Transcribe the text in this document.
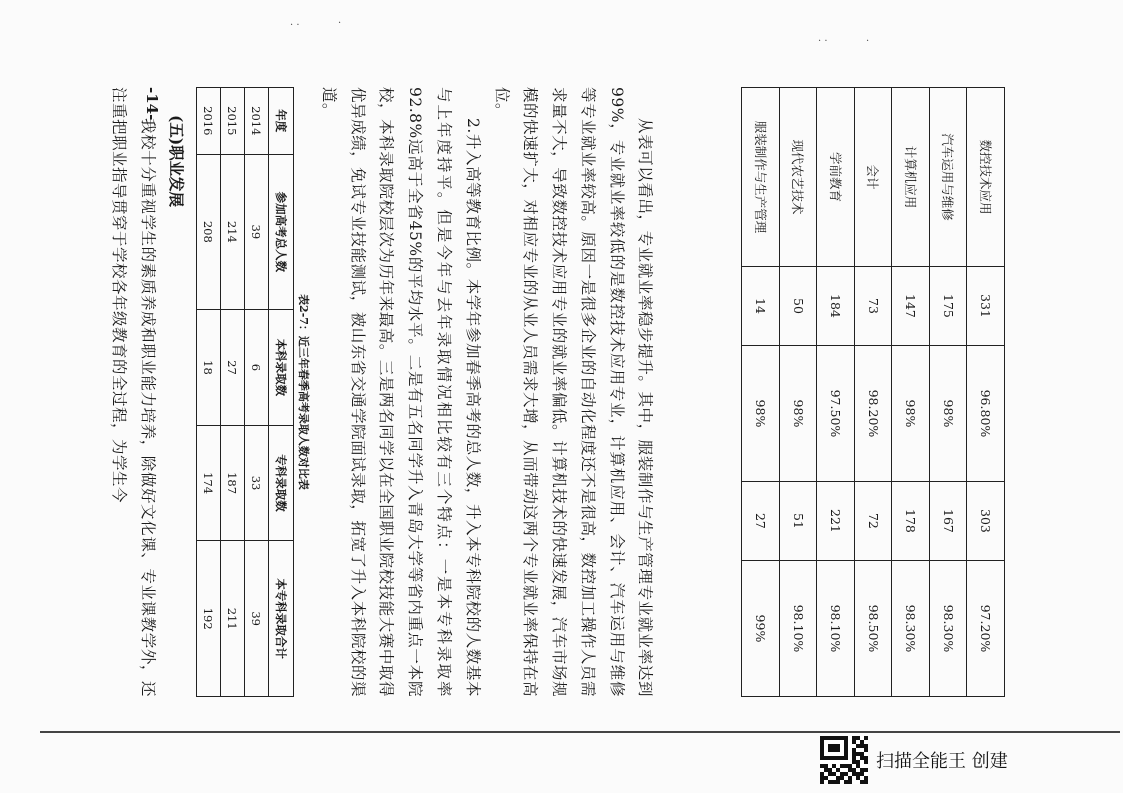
数控技术应用	331	96.80%	303	97.20%
汽车运用与维修	175	98%	167	98.30%
计算机应用	147	98%	178	98.30%
会计	73	98.20%	72	98.50%
学前教育	184	97.50%	221	98.10%
现代农艺技术	50	98%	51	98.10%
服装制作与生产管理	14	98%	27	99%

从表可以看出，专业就业率稳步提升。其中，服装制作与生产管理专业就业率达到99%，专业就业率较低的是数控技术应用专业，计算机应用、会计、汽车运用与维修等专业就业率较高。原因一是很多企业的自动化程度还不是很高，数控加工操作人员需求量不大，导致数控技术应用专业的就业率偏低。计算机技术的快速发展，汽车市场规模的快速扩大，对相应专业的从业人员需求大增，从而带动这两个专业就业率保持在高位。

2.升入高等教育比例。本学年参加春季高考的总人数，升入本专科院校的人数基本与上年度持平。但是今年与去年录取情况相比较有三个特点：一是本专科录取率92.8%远高于全省45%的平均水平。二是有五名同学升入青岛大学等省内重点一本院校，本科录取院校层次为历年来最高。三是两名同学以在全国职业院校技能大赛中取得优异成绩，免试专业技能测试，被山东省交通学院面试录取，拓宽了升入本科院校的渠道。

表2-7：近三年春季高考录取人数对比表
年度	参加高考总人数	本科录取数	专科录取数	本专科录取合计
2014	39	6	33	39
2015	214	27	187	211
2016	208	18	174	192
(五)职业发展

我校十分重视学生的素质养成和职业能力培养，除做好文化课、专业课教学外，还注重把职业指导贯穿于学校各年级教育的全过程，为学生今 -14-
· ·	·
· ·	·
扫描全能王 创建
